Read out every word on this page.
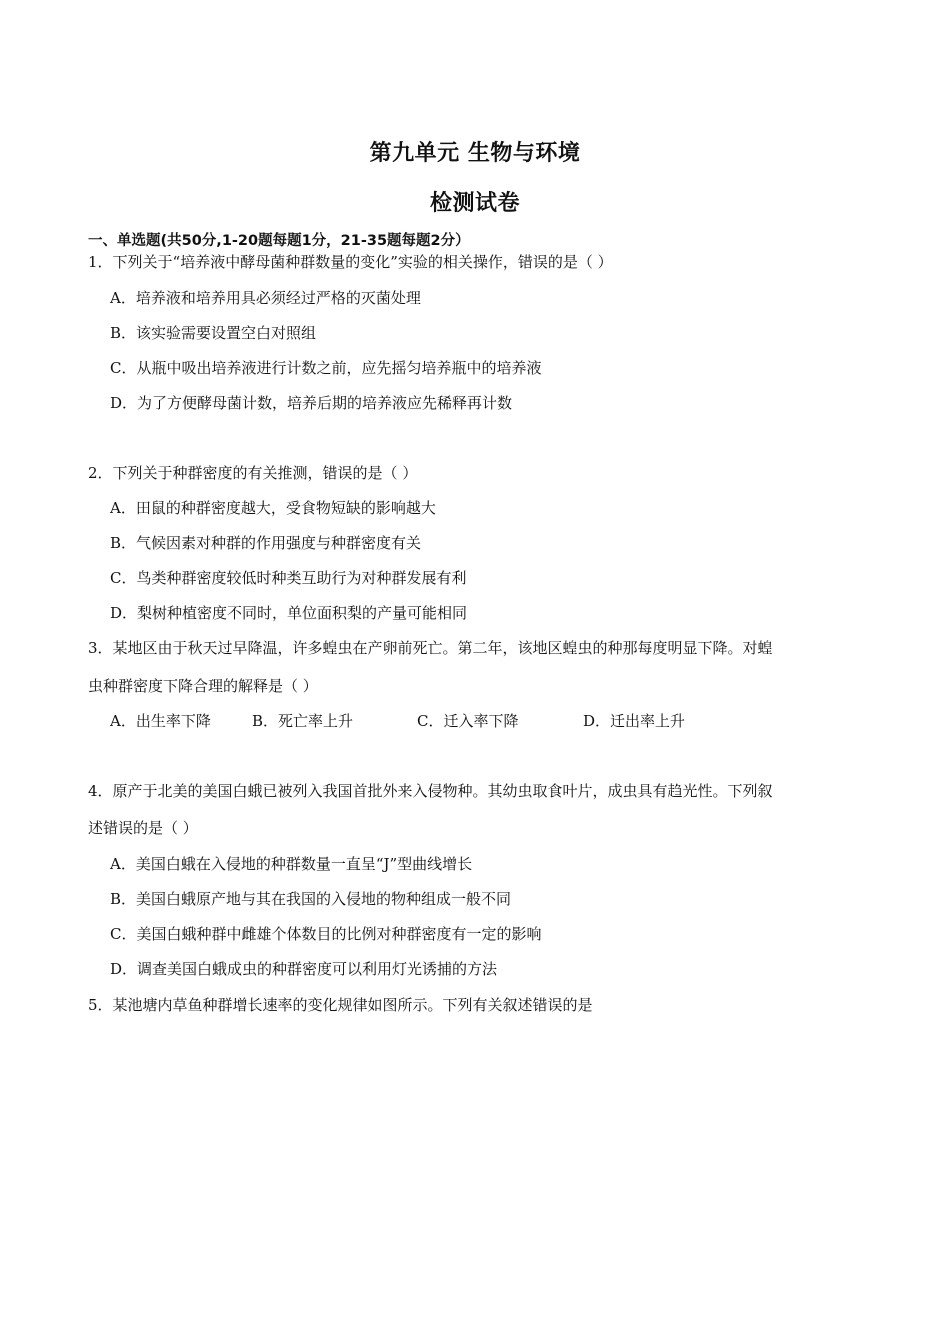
第九单元 生物与环境
检测试卷

一、单选题(共50分,1-20题每题1分，21-35题每题2分）

1．下列关于“培养液中酵母菌种群数量的变化”实验的相关操作，错误的是（ ）
A．培养液和培养用具必须经过严格的灭菌处理
B．该实验需要设置空白对照组
C．从瓶中吸出培养液进行计数之前，应先摇匀培养瓶中的培养液
D．为了方便酵母菌计数，培养后期的培养液应先稀释再计数
2．下列关于种群密度的有关推测，错误的是（ ）
A．田鼠的种群密度越大，受食物短缺的影响越大
B．气候因素对种群的作用强度与种群密度有关
C．鸟类种群密度较低时种类互助行为对种群发展有利
D．梨树种植密度不同时，单位面积梨的产量可能相同
3．某地区由于秋天过早降温，许多蝗虫在产卵前死亡。第二年，该地区蝗虫的种那每度明显下降。对蝗
虫种群密度下降合理的解释是（ ）
A．出生率下降	B．死亡率上升	C．迁入率下降	D．迁出率上升
4．原产于北美的美国白蛾已被列入我国首批外来入侵物种。其幼虫取食叶片，成虫具有趋光性。下列叙
述错误的是（ ）
A．美国白蛾在入侵地的种群数量一直呈“J”型曲线增长
B．美国白蛾原产地与其在我国的入侵地的物种组成一般不同
C．美国白蛾种群中雌雄个体数目的比例对种群密度有一定的影响
D．调查美国白蛾成虫的种群密度可以利用灯光诱捕的方法
5．某池塘内草鱼种群增长速率的变化规律如图所示。下列有关叙述错误的是
